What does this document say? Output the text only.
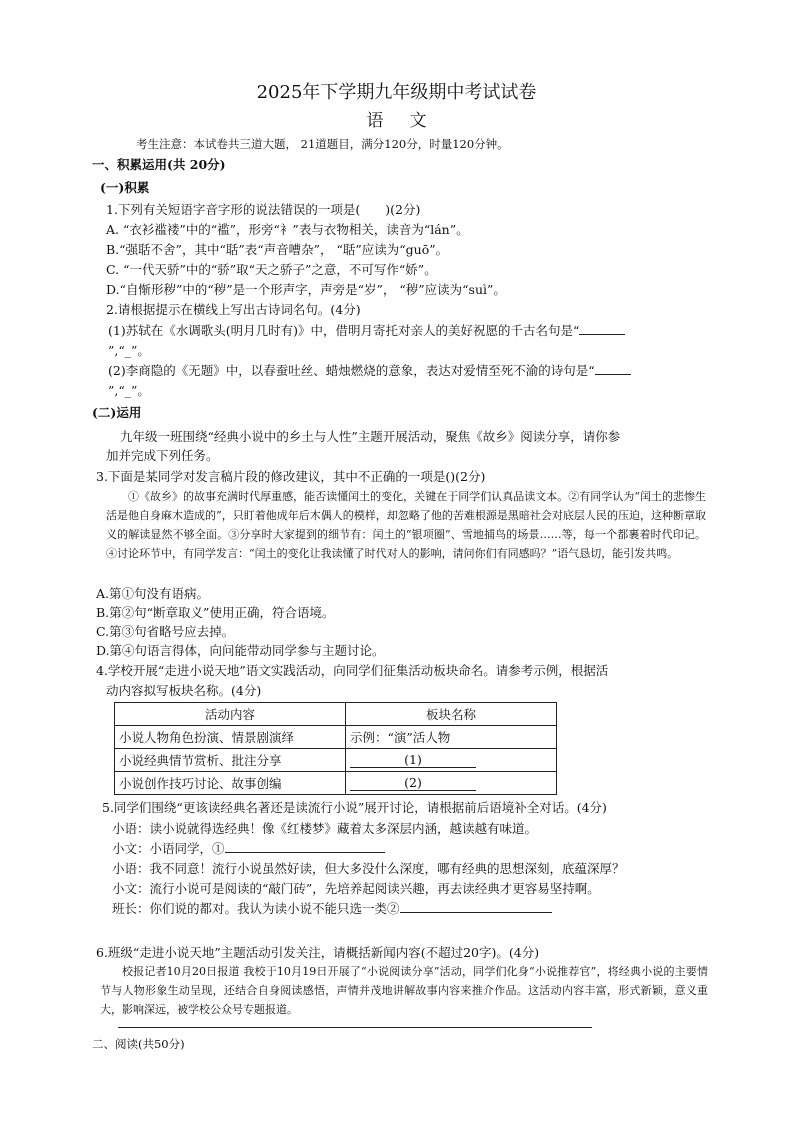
2025年下学期九年级期中考试试卷
语文
考生注意：本试卷共三道大题， 21道题目，满分120分，时量120分钟。
一、积累运用(共 20分)
(一)积累
1.下列有关短语字音字形的说法错误的一项是(　　)(2分)
A. “衣衫褴褛”中的“褴”，形旁“衤”表与衣物相关，读音为“lán”。
B.“强聒不舍”，其中“聒”表“声音嘈杂”， “聒”应读为“guō”。
C. “一代天骄”中的“骄”取“天之骄子”之意，不可写作“娇”。
D.“自惭形秽”中的“秽”是一个形声字，声旁是“岁”， “秽”应读为“suì”。
2.请根据提示在横线上写出古诗词名句。(4分)
(1)苏轼在《水调歌头(明月几时有)》中，借明月寄托对亲人的美好祝愿的千古名句是“
”,“_”。
(2)李商隐的《无题》中，以春蚕吐丝、蜡烛燃烧的意象，表达对爱情至死不渝的诗句是“
”,“_”。
(二)运用
九年级一班围绕“经典小说中的乡土与人性”主题开展活动，聚焦《故乡》阅读分享，请你参
加并完成下列任务。
3.下面是某同学对发言稿片段的修改建议，其中不正确的一项是()(2分)
①《故乡》的故事充满时代厚重感，能否读懂闰土的变化，关键在于同学们认真品读文本。②有同学认为“闰土的悲惨生活是他自身麻木造成的”，只盯着他成年后木偶人的模样，却忽略了他的苦难根源是黑暗社会对底层人民的压迫，这种断章取义的解读显然不够全面。③分享时大家提到的细节有：闰土的“银项圈”、雪地捕鸟的场景……等，每一个都裹着时代印记。④讨论环节中，有同学发言：“闰土的变化让我读懂了时代对人的影响，请问你们有同感吗？”语气恳切，能引发共鸣。
A.第①句没有语病。
B.第②句“断章取义”使用正确，符合语境。
C.第③句省略号应去掉。
D.第④句语言得体，向问能带动同学参与主题讨论。
4.学校开展“走进小说天地”语文实践活动，向同学们征集活动板块命名。请参考示例，根据活
动内容拟写板块名称。(4分)
活动内容	板块名称
小说人物角色扮演、情景剧演绎	示例：“演”活人物
小说经典情节赏析、批注分享	(1)
小说创作技巧讨论、故事创编	(2)
5.同学们围绕“更该读经典名著还是读流行小说”展开讨论，请根据前后语境补全对话。(4分)
小语：读小说就得选经典！像《红楼梦》藏着太多深层内涵，越读越有味道。
小文：小语同学，①
小语：我不同意！流行小说虽然好读，但大多没什么深度，哪有经典的思想深刻，底蕴深厚？
小文：流行小说可是阅读的“敲门砖”，先培养起阅读兴趣，再去读经典才更容易坚持啊。
班长：你们说的都对。我认为读小说不能只选一类②
6.班级“走进小说天地”主题活动引发关注，请概括新闻内容(不超过20字)。(4分)
校报记者10月20日报道 我校于10月19日开展了“小说阅读分享”活动，同学们化身“小说推荐官”，将经典小说的主要情节与人物形象生动呈现，还结合自身阅读感悟，声情并茂地讲解故事内容来推介作品。这活动内容丰富，形式新颖，意义重大，影响深远，被学校公众号专题报道。
二、阅读(共50分)
